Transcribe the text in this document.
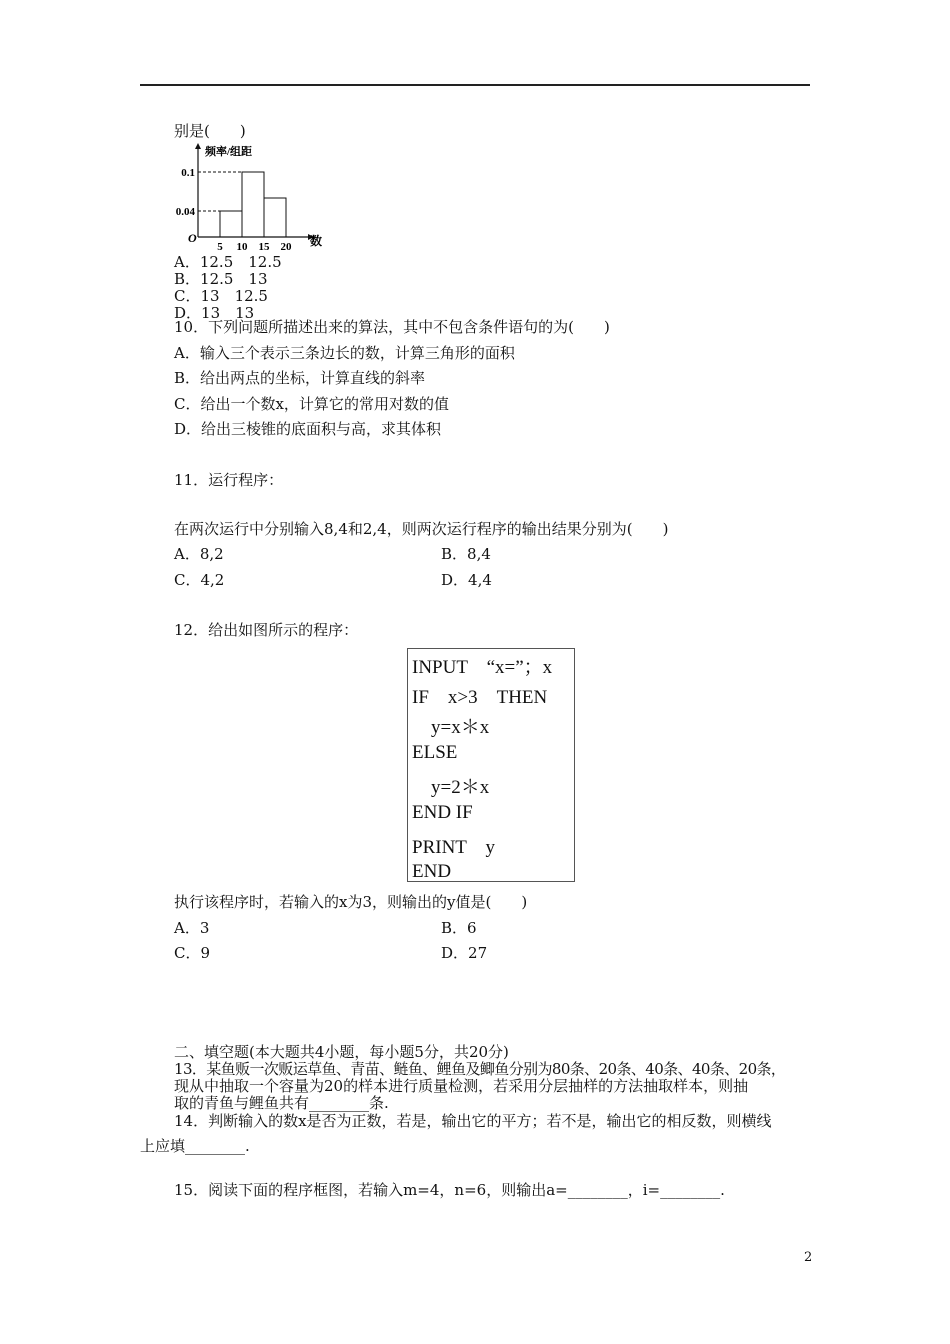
别是(　　)
频率/组距
数
O
0.1
0.04
5 10 15 20
A．12.5　12.5
B．12.5　13
C．13　12.5
D．13　13
10．下列问题所描述出来的算法，其中不包含条件语句的为(　　)
A．输入三个表示三条边长的数，计算三角形的面积
B．给出两点的坐标，计算直线的斜率
C．给出一个数x，计算它的常用对数的值
D．给出三棱锥的底面积与高，求其体积
11．运行程序：
在两次运行中分别输入8,4和2,4，则两次运行程序的输出结果分别为(　　)
A．8,2	B．8,4
C．4,2	D．4,4
12．给出如图所示的程序：
INPUT　“x=”；x
IF　x>3　THEN
　y=x＊x
ELSE
　y=2＊x
END IF
PRINT　y
END
执行该程序时，若输入的x为3，则输出的y值是(　　)
A．3	B．6
C．9	D．27
二、填空题(本大题共4小题，每小题5分，共20分)
13．某鱼贩一次贩运草鱼、青苗、鲢鱼、鲤鱼及鲫鱼分别为80条、20条、40条、40条、20条，
现从中抽取一个容量为20的样本进行质量检测，若采用分层抽样的方法抽取样本，则抽
取的青鱼与鲤鱼共有________条.
14．判断输入的数x是否为正数，若是，输出它的平方；若不是，输出它的相反数，则横线
上应填________.
15．阅读下面的程序框图，若输入m=4，n=6，则输出a=________，i=________.
2
